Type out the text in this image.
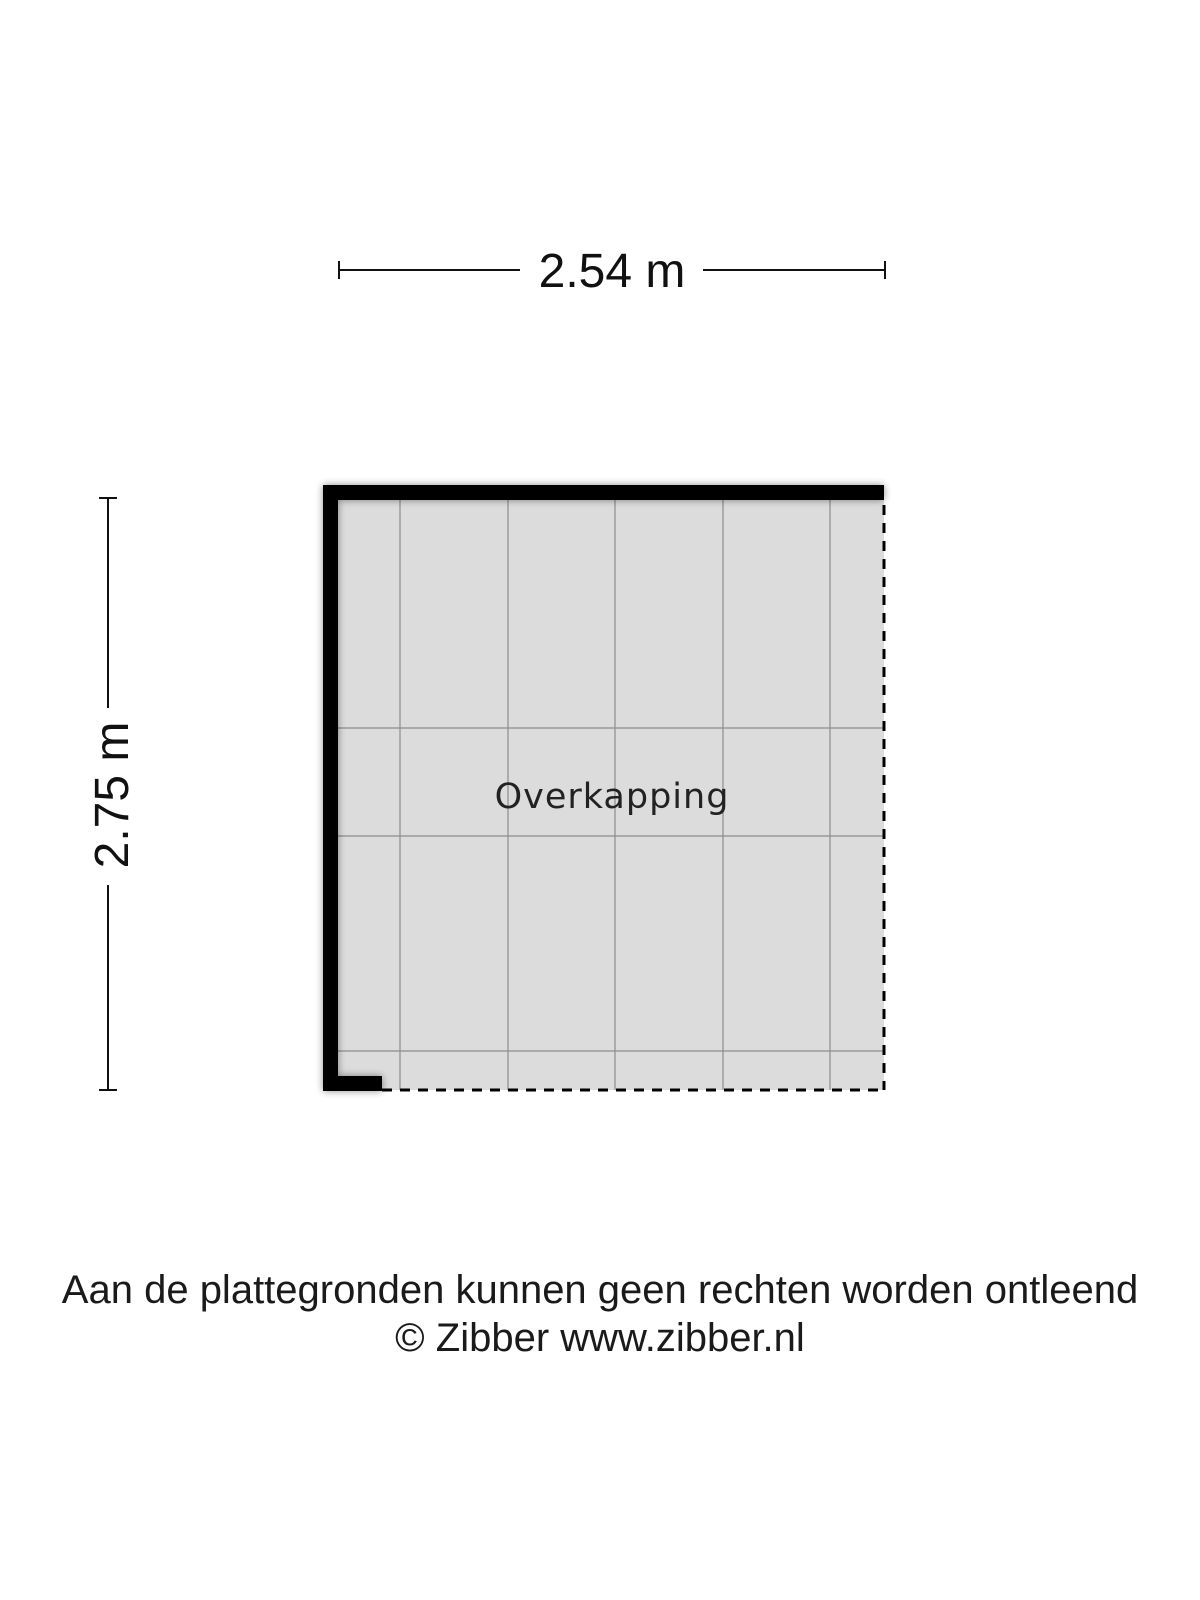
2.54 m
2.75 m	Overkapping
Aan de plattegronden kunnen geen rechten worden ontleend
© Zibber www.zibber.nl
